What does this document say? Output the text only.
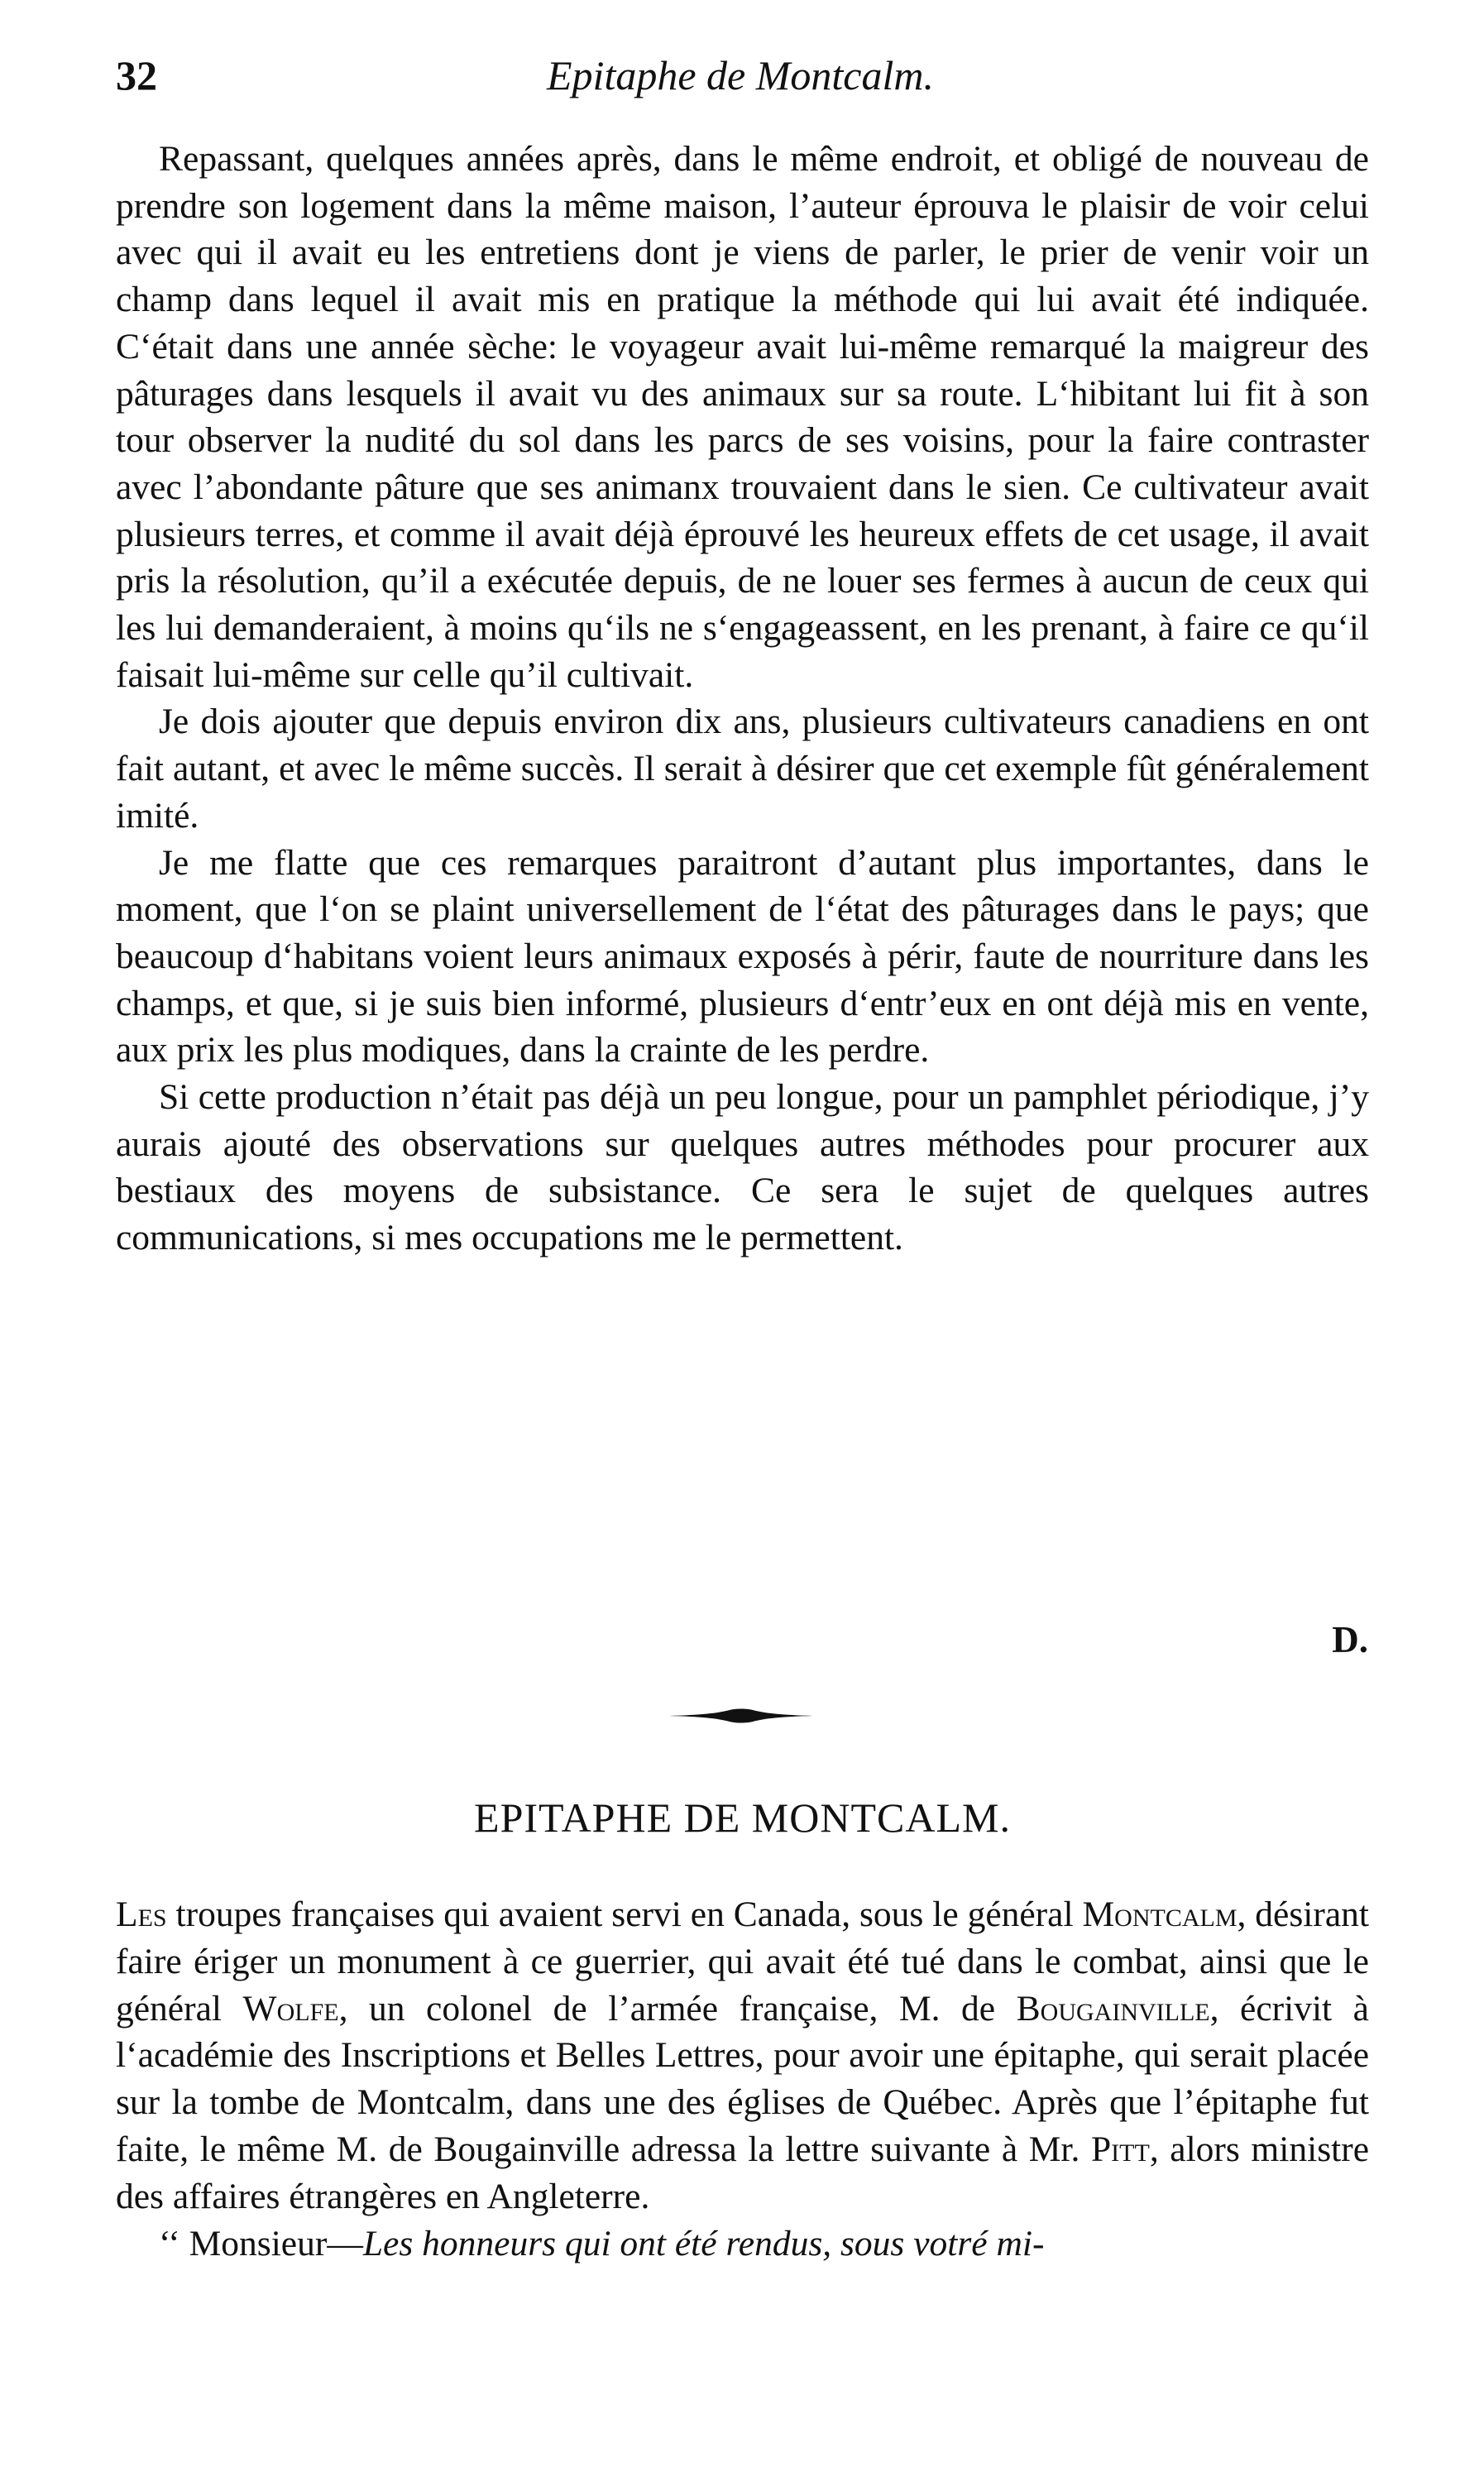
32	Epitaphe de Montcalm.

Repassant, quelques années après, dans le même endroit, et obligé de nouveau de prendre son logement dans la même maison, l’auteur éprouva le plaisir de voir celui avec qui il avait eu les entretiens dont je viens de parler, le prier de venir voir un champ dans lequel il avait mis en pratique la méthode qui lui avait été indiquée. C‘était dans une année sèche: le voyageur avait lui-même remarqué la maigreur des pâturages dans lesquels il avait vu des animaux sur sa route. L‘hibitant lui fit à son tour observer la nudité du sol dans les parcs de ses voisins, pour la faire contraster avec l’abondante pâture que ses animanx trouvaient dans le sien. Ce cultivateur avait plusieurs terres, et comme il avait déjà éprouvé les heureux effets de cet usage, il avait pris la résolution, qu’il a exécutée depuis, de ne louer ses fermes à aucun de ceux qui les lui demanderaient, à moins qu‘ils ne s‘engageassent, en les prenant, à faire ce qu‘il faisait lui-même sur celle qu’il cultivait.

Je dois ajouter que depuis environ dix ans, plusieurs cultivateurs canadiens en ont fait autant, et avec le même succès. Il serait à désirer que cet exemple fût généralement imité.

Je me flatte que ces remarques paraitront d’autant plus importantes, dans le moment, que l‘on se plaint universellement de l‘état des pâturages dans le pays; que beaucoup d‘habitans voient leurs animaux exposés à périr, faute de nourriture dans les champs, et que, si je suis bien informé, plusieurs d‘entr’eux en ont déjà mis en vente, aux prix les plus modiques, dans la crainte de les perdre.

Si cette production n’était pas déjà un peu longue, pour un pamphlet périodique, j’y aurais ajouté des observations sur quelques autres méthodes pour procurer aux bestiaux des moyens de subsistance. Ce sera le sujet de quelques autres communications, si mes occupations me le permettent.

D.
EPITAPHE DE MONTCALM.

Les troupes françaises qui avaient servi en Canada, sous le général Montcalm, désirant faire ériger un monument à ce guerrier, qui avait été tué dans le combat, ainsi que le général Wolfe, un colonel de l’armée française, M. de Bougainville, écrivit à l‘académie des Inscriptions et Belles Lettres, pour avoir une épitaphe, qui serait placée sur la tombe de Montcalm, dans une des églises de Québec. Après que l’épitaphe fut faite, le même M. de Bougainville adressa la lettre suivante à Mr. Pitt, alors ministre des affaires étrangères en Angleterre.

‘‘ Monsieur—Les honneurs qui ont été rendus, sous votré mi-
